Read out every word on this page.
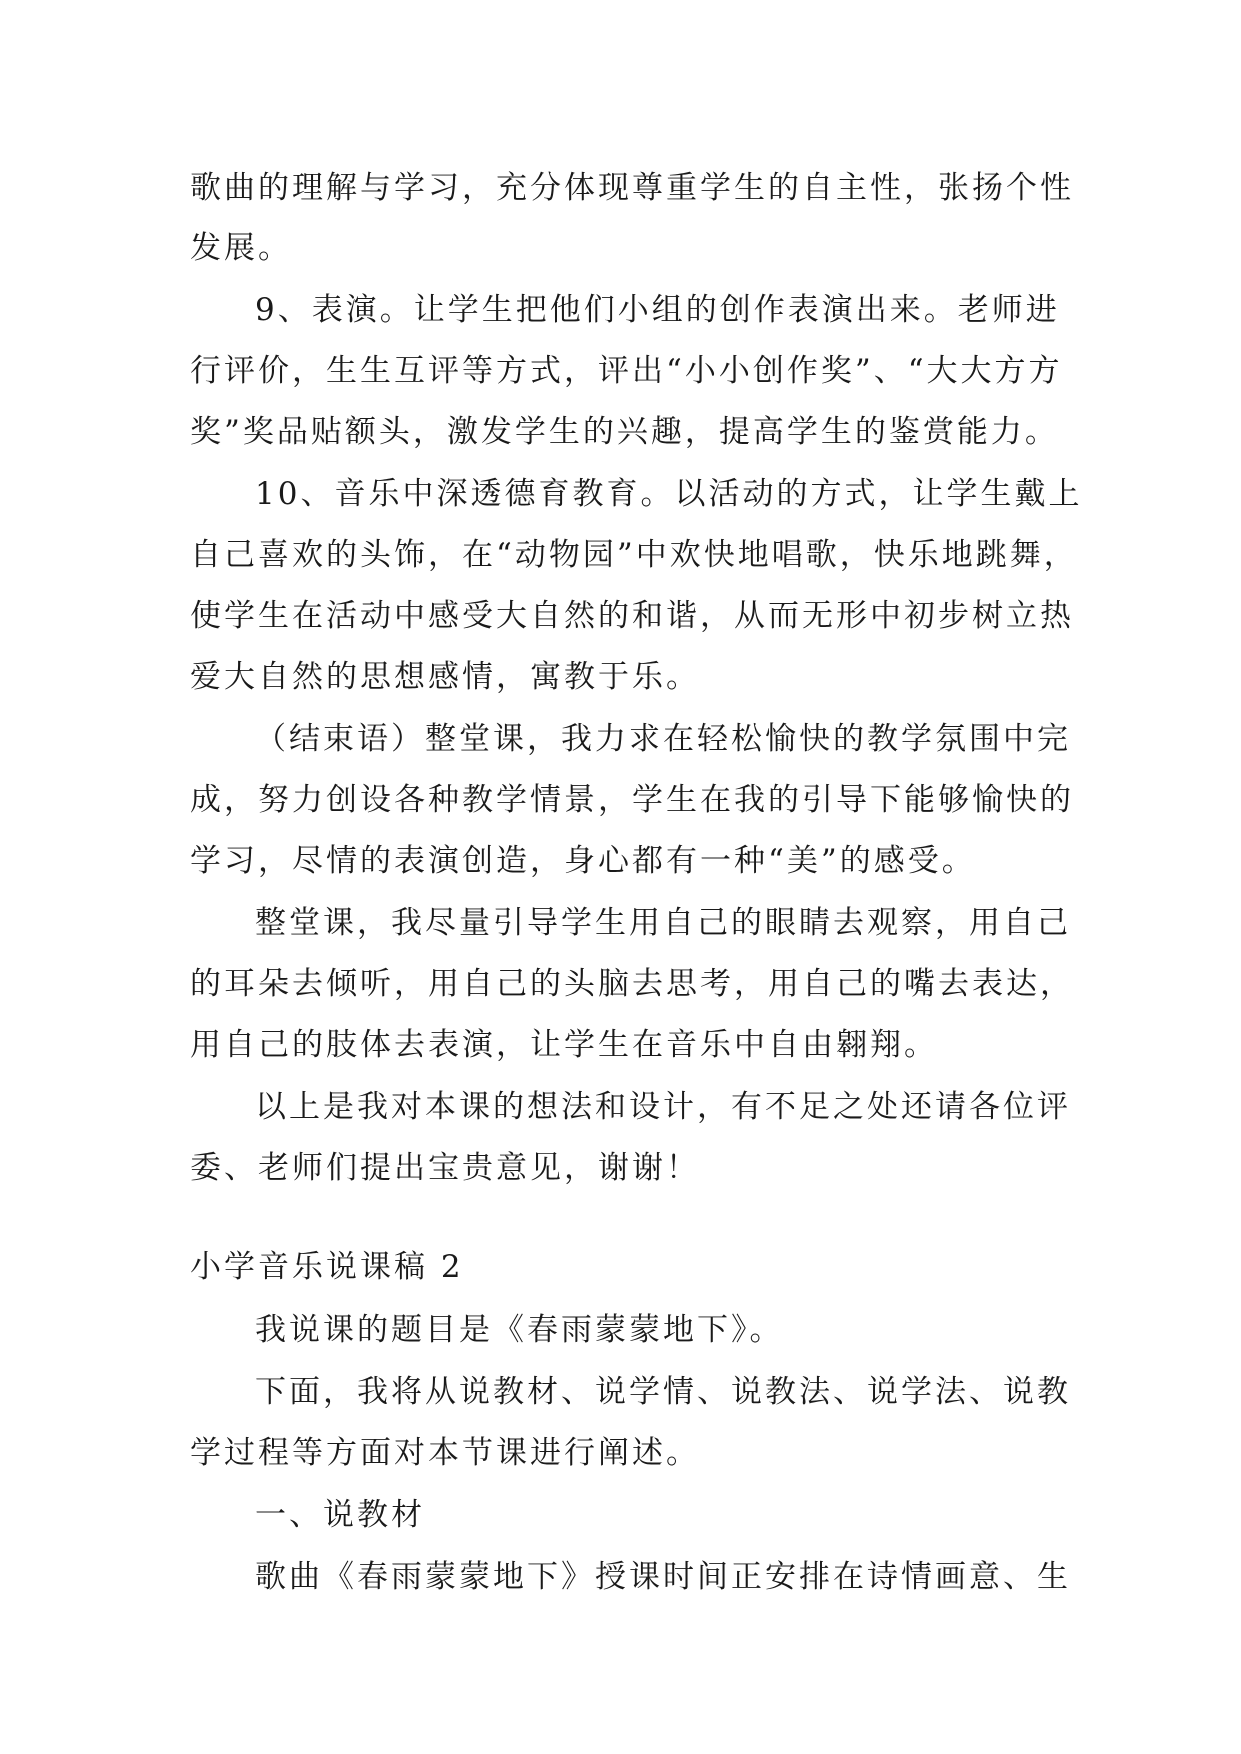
歌曲的理解与学习，充分体现尊重学生的自主性，张扬个性
发展。
9、表演。让学生把他们小组的创作表演出来。老师进
行评价，生生互评等方式，评出“小小创作奖”、“大大方方
奖”奖品贴额头，激发学生的兴趣，提高学生的鉴赏能力。
10、音乐中深透德育教育。以活动的方式，让学生戴上
自己喜欢的头饰，在“动物园”中欢快地唱歌，快乐地跳舞，
使学生在活动中感受大自然的和谐，从而无形中初步树立热
爱大自然的思想感情，寓教于乐。
（结束语）整堂课，我力求在轻松愉快的教学氛围中完
成，努力创设各种教学情景，学生在我的引导下能够愉快的
学习，尽情的表演创造，身心都有一种“美”的感受。
整堂课，我尽量引导学生用自己的眼睛去观察，用自己
的耳朵去倾听，用自己的头脑去思考，用自己的嘴去表达，
用自己的肢体去表演，让学生在音乐中自由翱翔。
以上是我对本课的想法和设计，有不足之处还请各位评
委、老师们提出宝贵意见，谢谢！
小学音乐说课稿 2
我说课的题目是《春雨蒙蒙地下》。
下面，我将从说教材、说学情、说教法、说学法、说教
学过程等方面对本节课进行阐述。
一、说教材
歌曲《春雨蒙蒙地下》授课时间正安排在诗情画意、生
